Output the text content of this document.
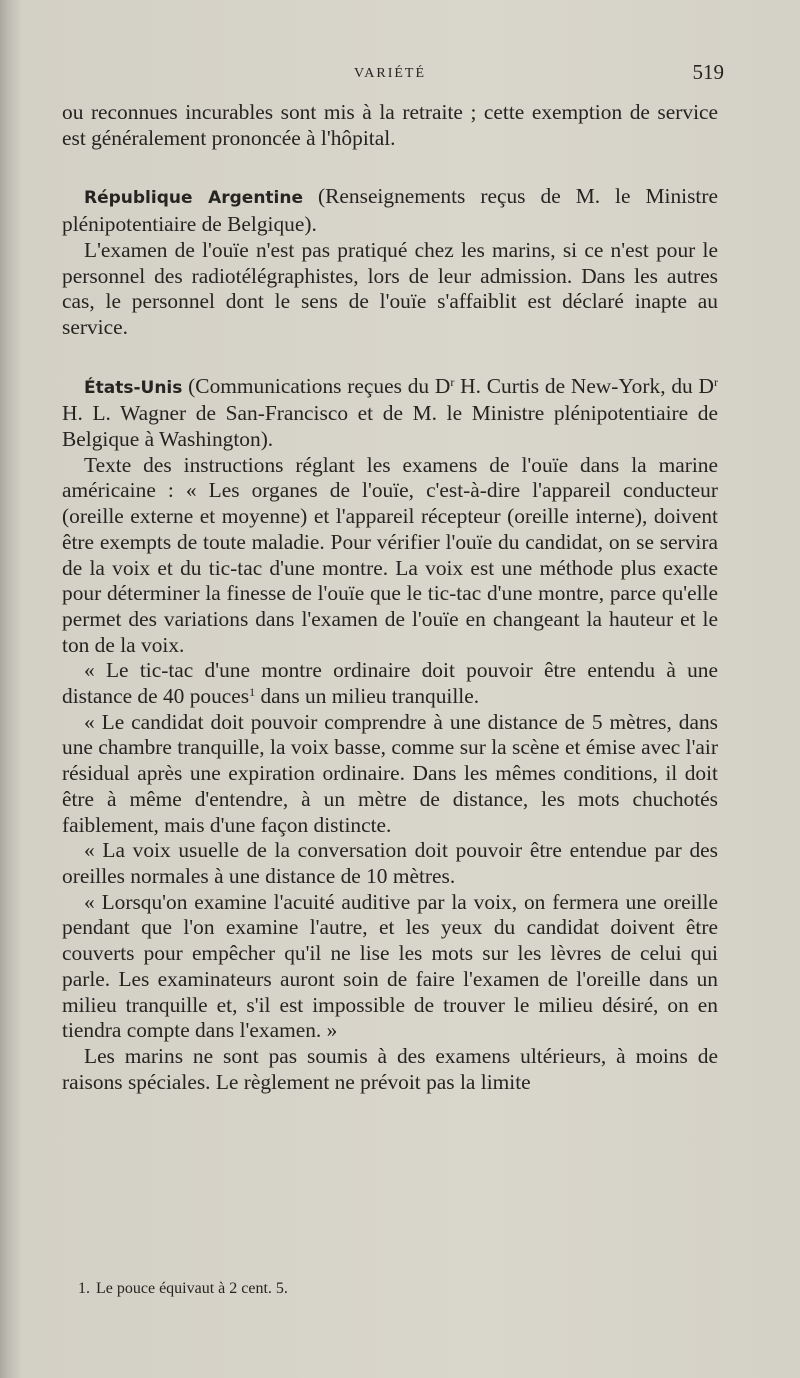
VARIÉTÉ	519

ou reconnues incurables sont mis à la retraite ; cette exemption de service est généralement prononcée à l'hôpital.

République Argentine (Renseignements reçus de M. le Ministre plénipotentiaire de Belgique).

L'examen de l'ouïe n'est pas pratiqué chez les marins, si ce n'est pour le personnel des radiotélégraphistes, lors de leur admission. Dans les autres cas, le personnel dont le sens de l'ouïe s'affaiblit est déclaré inapte au service.

États-Unis (Communications reçues du $D^r$ H. Curtis de New-York, du $D^r$ H. L. Wagner de San-Francisco et de M. le Ministre plénipotentiaire de Belgique à Washington).

Texte des instructions réglant les examens de l'ouïe dans la marine américaine : « Les organes de l'ouïe, c'est-à-dire l'appareil conducteur (oreille externe et moyenne) et l'appareil récepteur (oreille interne), doivent être exempts de toute maladie. Pour vérifier l'ouïe du candidat, on se servira de la voix et du tic-tac d'une montre. La voix est une méthode plus exacte pour déterminer la finesse de l'ouïe que le tic-tac d'une montre, parce qu'elle permet des variations dans l'examen de l'ouïe en changeant la hauteur et le ton de la voix.

« Le tic-tac d'une montre ordinaire doit pouvoir être entendu à une distance de 40 pouces$^1$ dans un milieu tranquille.

« Le candidat doit pouvoir comprendre à une distance de 5 mètres, dans une chambre tranquille, la voix basse, comme sur la scène et émise avec l'air résidual après une expiration ordinaire. Dans les mêmes conditions, il doit être à même d'entendre, à un mètre de distance, les mots chuchotés faiblement, mais d'une façon distincte.

« La voix usuelle de la conversation doit pouvoir être entendue par des oreilles normales à une distance de 10 mètres.

« Lorsqu'on examine l'acuité auditive par la voix, on fermera une oreille pendant que l'on examine l'autre, et les yeux du candidat doivent être couverts pour empêcher qu'il ne lise les mots sur les lèvres de celui qui parle. Les examinateurs auront soin de faire l'examen de l'oreille dans un milieu tranquille et, s'il est impossible de trouver le milieu désiré, on en tiendra compte dans l'examen. »

Les marins ne sont pas soumis à des examens ultérieurs, à moins de raisons spéciales. Le règlement ne prévoit pas la limite

1. Le pouce équivaut à 2 cent. 5.
